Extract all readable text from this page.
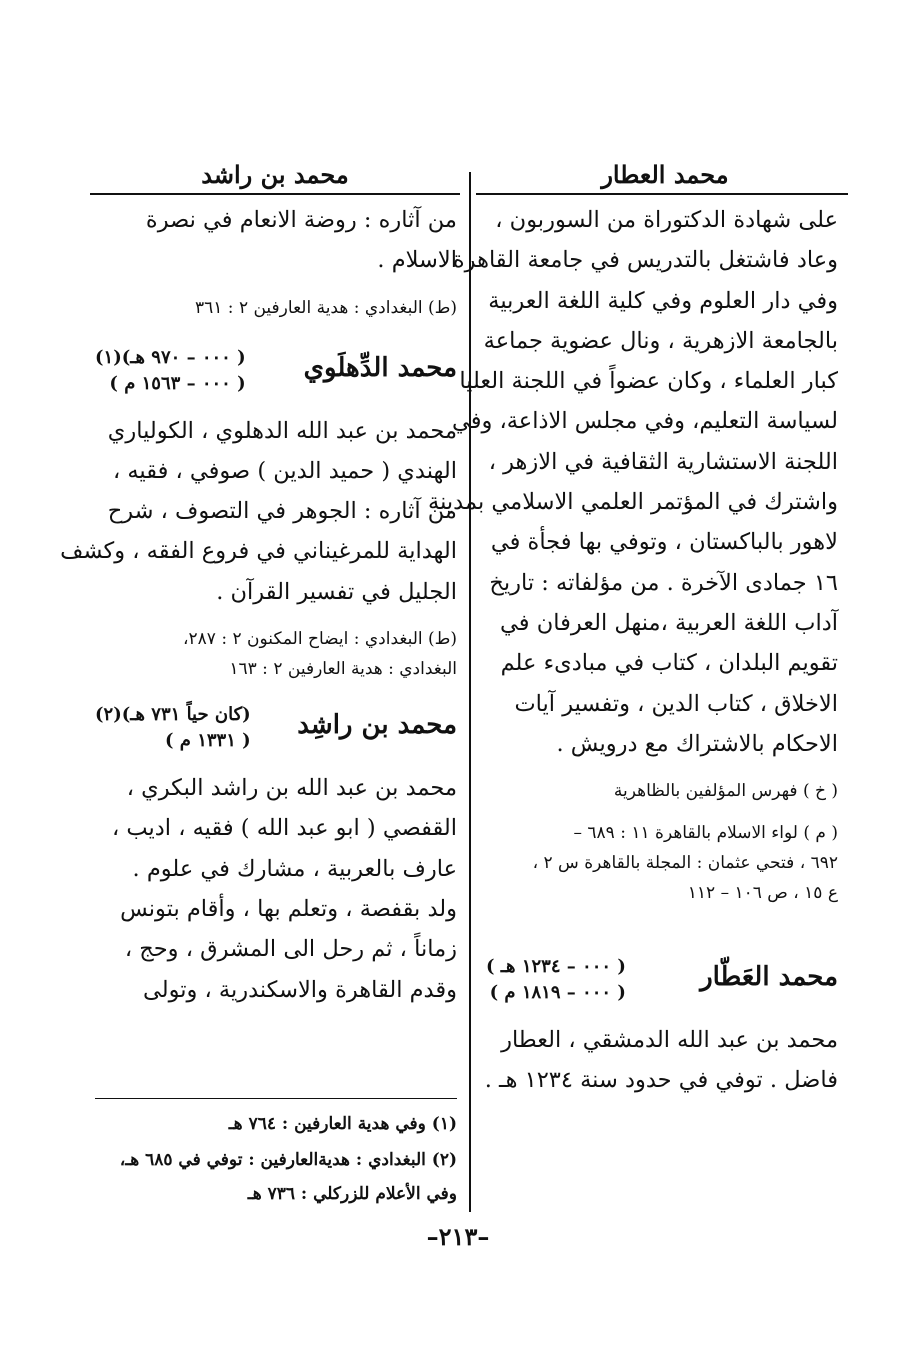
محمد العطار
محمد بن راشد
على شهادة الدكتوراة من السوربون ،
وعاد فاشتغل بالتدريس في جامعة القاهرة
وفي دار العلوم وفي كلية اللغة العربية
بالجامعة الازهرية ، ونال عضوية جماعة
كبار العلماء ، وكان عضواً في اللجنة العليا
لسياسة التعليم، وفي مجلس الاذاعة، وفي
اللجنة الاستشارية الثقافية في الازهر ،
واشترك في المؤتمر العلمي الاسلامي بمدينة
لاهور بالباكستان ، وتوفي بها فجأة في
١٦ جمادى الآخرة . من مؤلفاته : تاريخ
آداب اللغة العربية ،منهل العرفان في
تقويم البلدان ، كتاب في مبادىء علم
الاخلاق ، كتاب الدين ، وتفسير آيات
الاحكام بالاشتراك مع درويش .
( خ ) فهرس المؤلفين بالظاهرية
( م ) لواء الاسلام بالقاهرة ١١ : ٦٨٩ –
٦٩٢ ، فتحي عثمان : المجلة بالقاهرة س ٢ ،
ع ١٥ ، ص ١٠٦ – ١١٢
محمد العَطّار
( ٠٠٠ – ١٢٣٤ هـ )
( ٠٠٠ – ١٨١٩ م )
محمد بن عبد الله الدمشقي ، العطار
فاضل . توفي في حدود سنة ١٢٣٤ هـ .
من آثاره : روضة الانعام في نصرة
الاسلام .
(ط) البغدادي : هدية العارفين ٢ : ٣٦١
محمد الدِّهلَوي
( ٠٠٠ – ٩٧٠ هـ)(١)
( ٠٠٠ – ١٥٦٣ م )
محمد بن عبد الله الدهلوي ، الكولياري
الهندي ( حميد الدين ) صوفي ، فقيه ،
من آثاره : الجوهر في التصوف ، شرح
الهداية للمرغيناني في فروع الفقه ، وكشف
الجليل في تفسير القرآن .
(ط) البغدادي : ايضاح المكنون ٢ : ٢٨٧،
البغدادي : هدية العارفين ٢ : ١٦٣
محمد بن راشِد
(كان حياً ٧٣١ هـ)(٢)
( ١٣٣١ م )
محمد بن عبد الله بن راشد البكري ،
القفصي ( ابو عبد الله ) فقيه ، اديب ،
عارف بالعربية ، مشارك في علوم .
ولد بقفصة ، وتعلم بها ، وأقام بتونس
زماناً ، ثم رحل الى المشرق ، وحج ،
وقدم القاهرة والاسكندرية ، وتولى
(١) وفي هدية العارفين : ٧٦٤ هـ
(٢) البغدادي : هديةالعارفين : توفي في ٦٨٥ هـ،
وفي الأعلام للزركلي : ٧٣٦ هـ
–٢١٣–
